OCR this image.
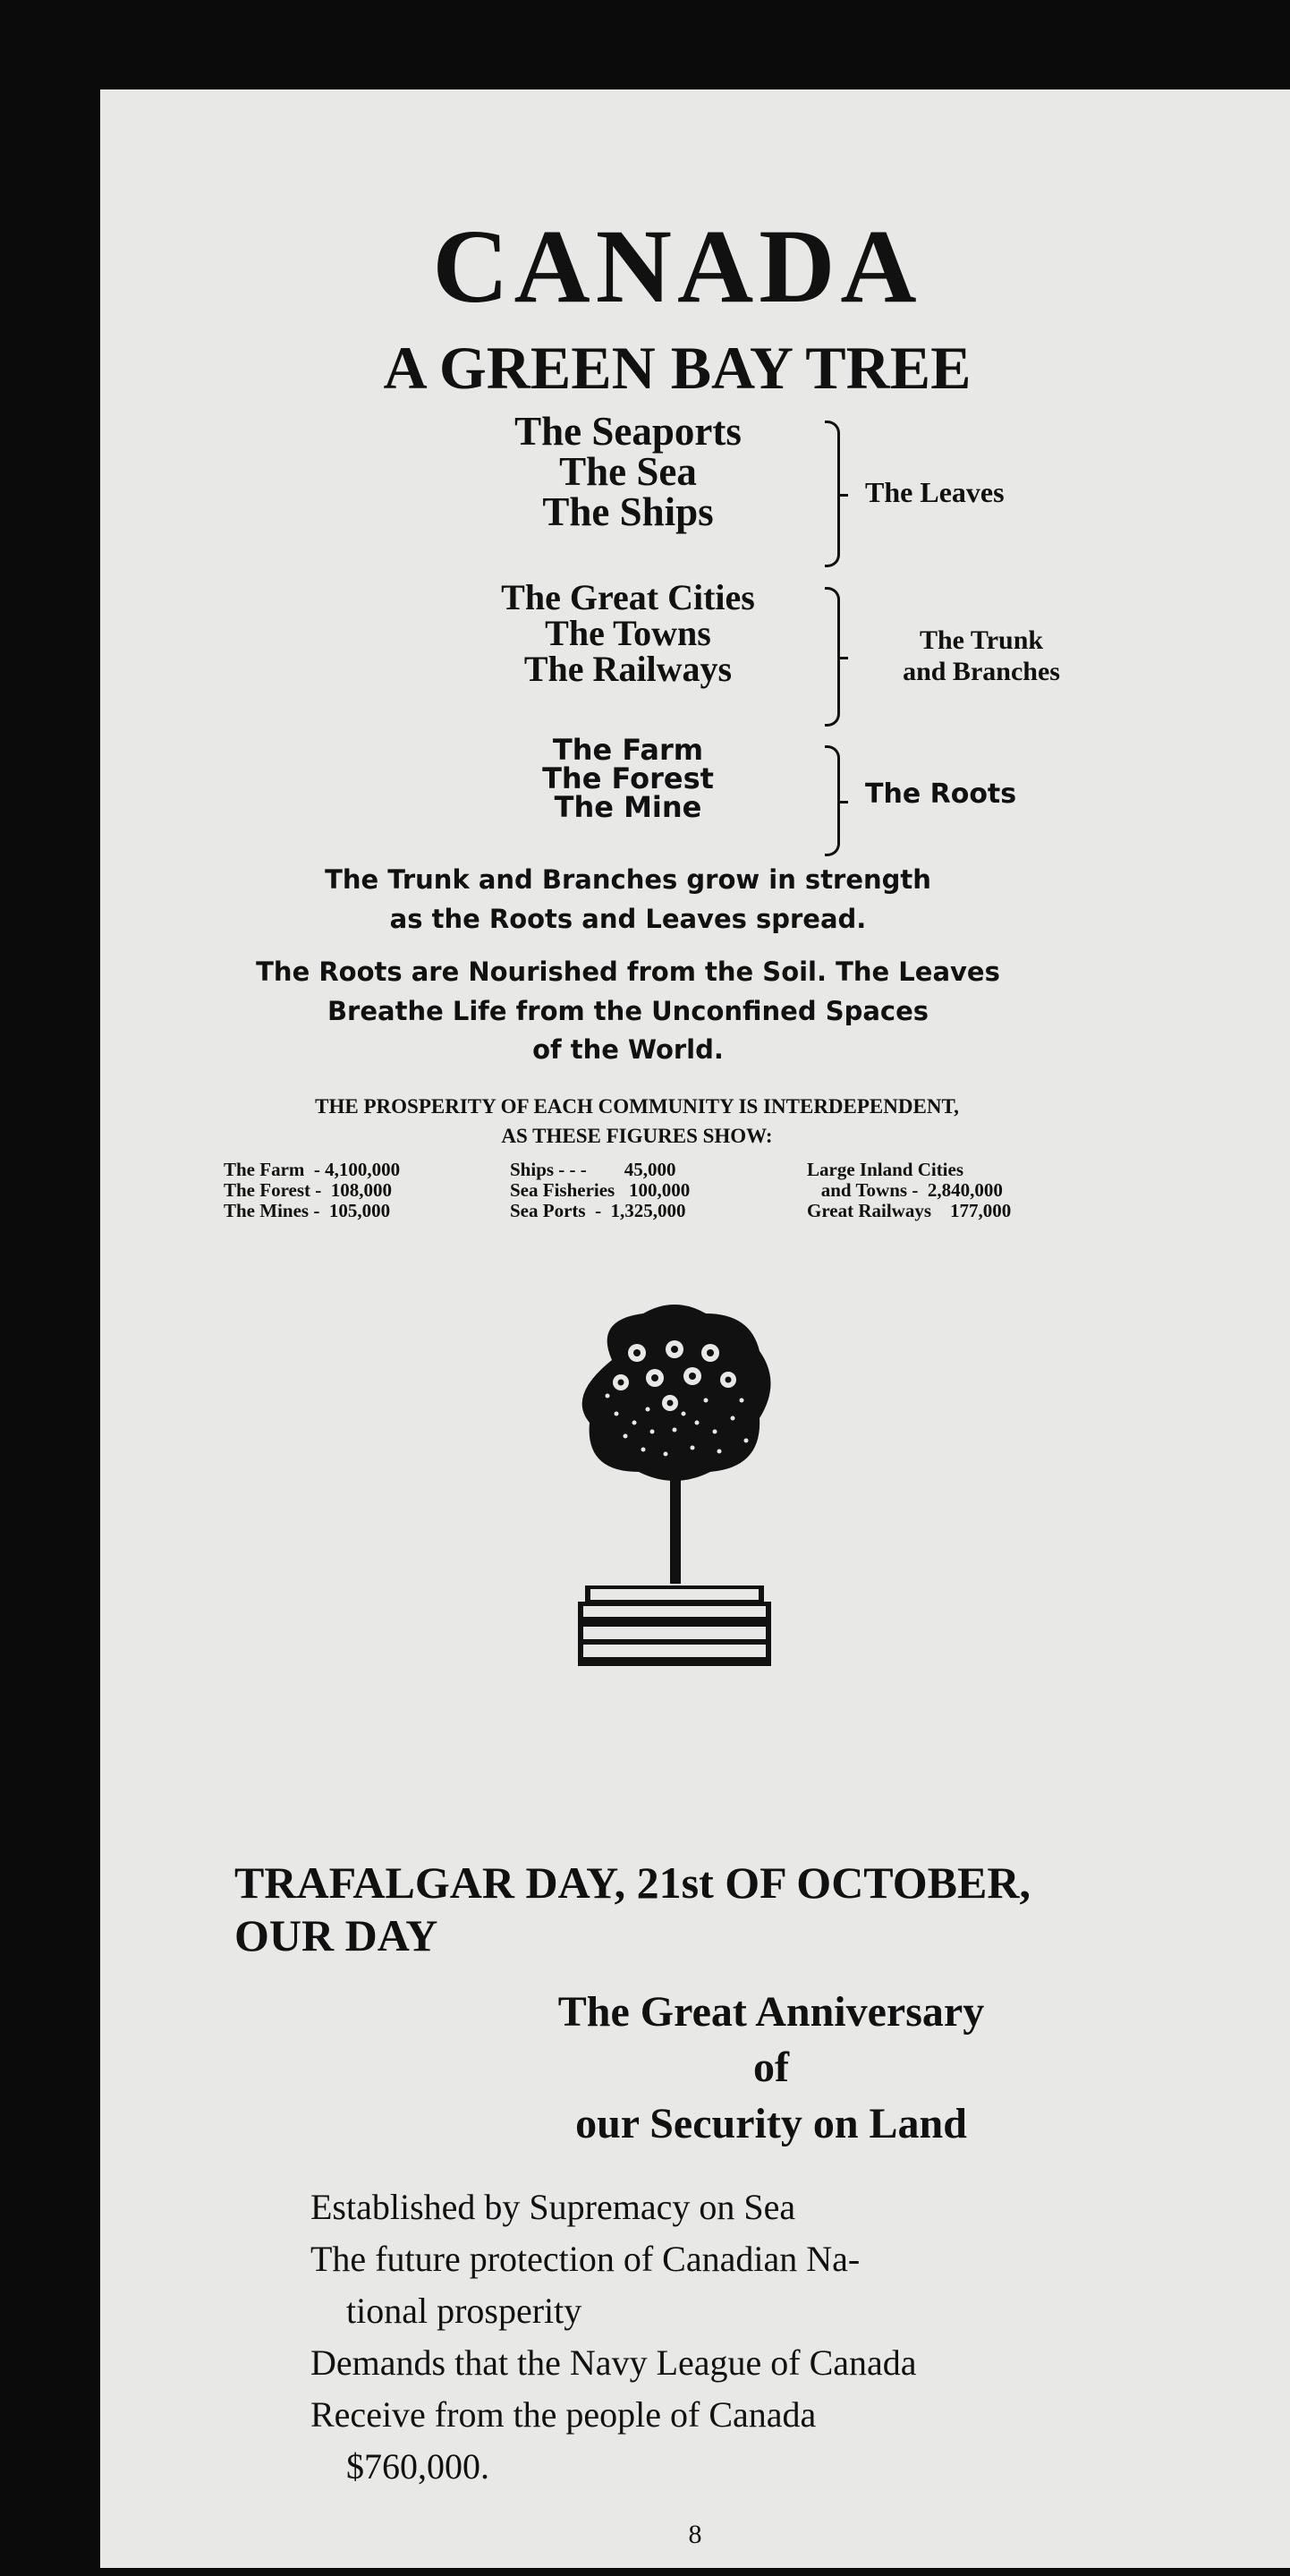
CANADA
A GREEN BAY TREE
The Seaports
The Sea
The Ships	The Leaves
The Great Cities
The Towns
The Railways
The Trunk
and Branches
The Farm
The Forest
The Mine	The Roots
The Trunk and Branches grow in strength
as the Roots and Leaves spread.
The Roots are Nourished from the Soil. The Leaves
Breathe Life from the Unconfined Spaces
of the World.
THE PROSPERITY OF EACH COMMUNITY IS INTERDEPENDENT,
AS THESE FIGURES SHOW:
The Farm  - 4,100,000
The Forest -  108,000
The Mines -  105,000
Ships - - -        45,000
Sea Fisheries   100,000
Sea Ports  -  1,325,000
Large Inland Cities
and Towns -  2,840,000
Great Railways    177,000
TRAFALGAR DAY, 21st OF OCTOBER,
OUR DAY
The Great Anniversary
of
our Security on Land
Established by Supremacy on Sea
The future protection of Canadian Na-
tional prosperity
Demands that the Navy League of Canada
Receive from the people of Canada
$760,000.
8
